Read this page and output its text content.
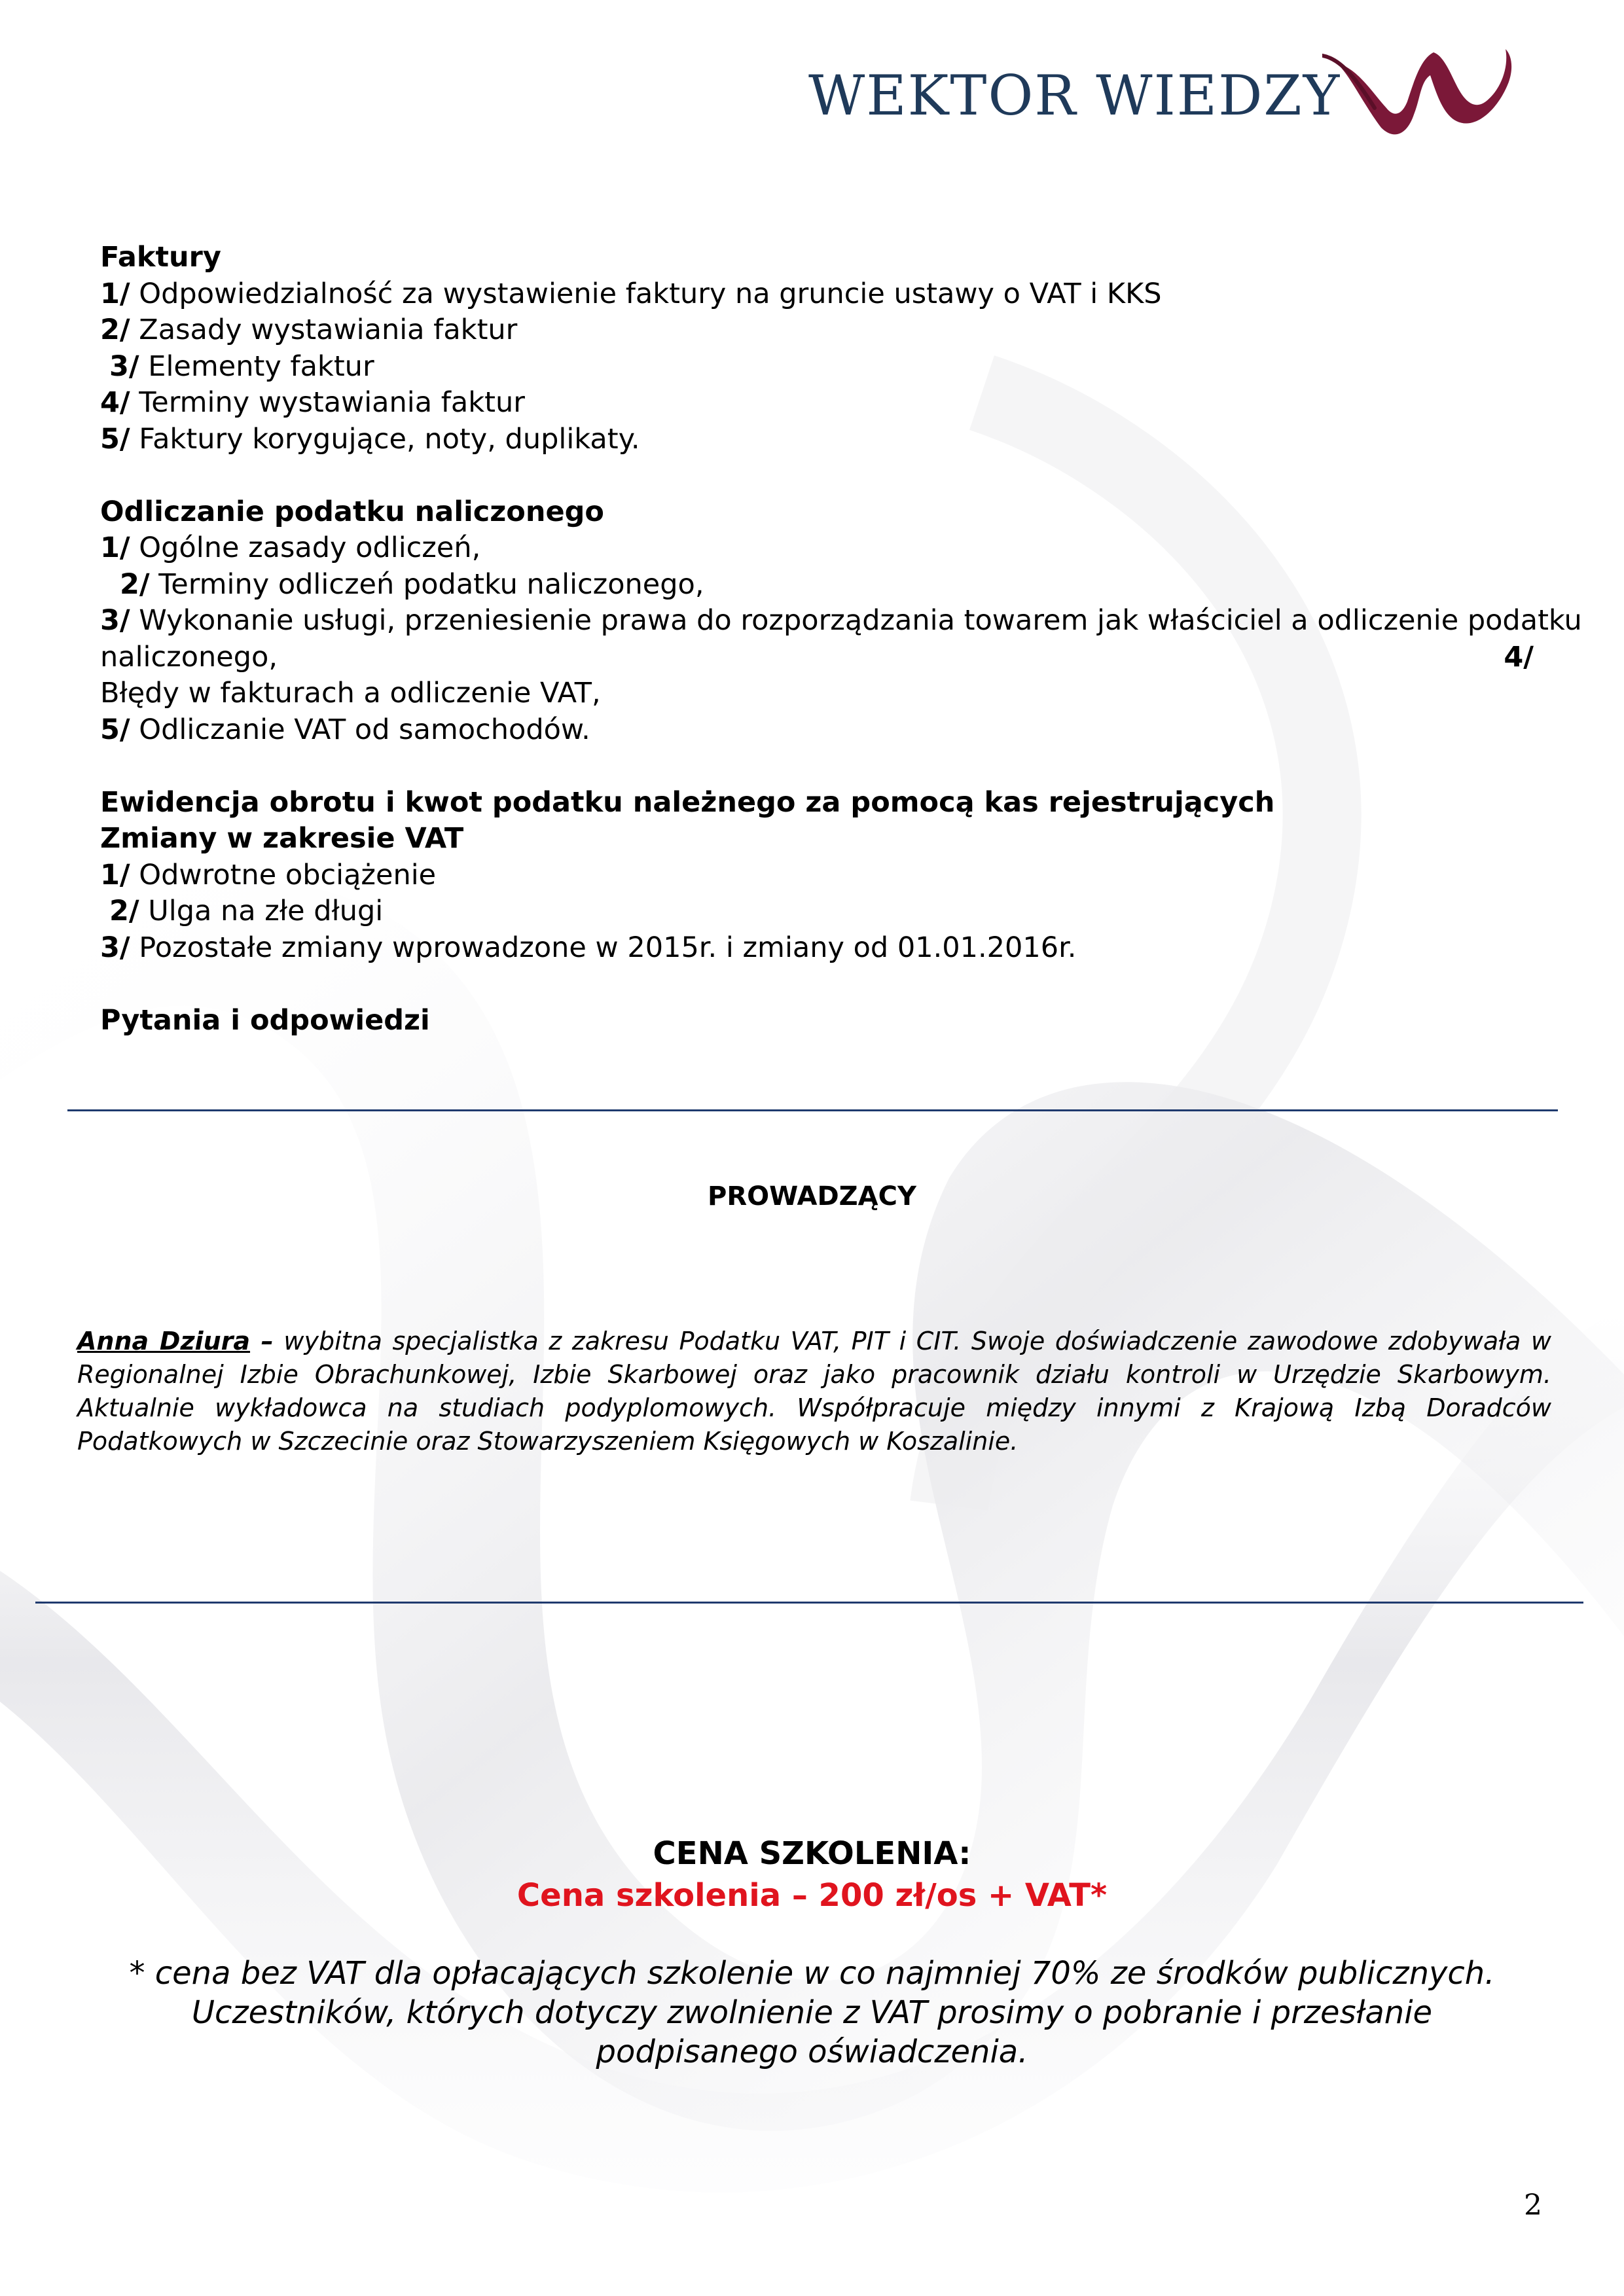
WEKTOR WIEDZY
Faktury
1/ Odpowiedzialność za wystawienie faktury na gruncie ustawy o VAT i KKS
2/ Zasady wystawiania faktur
3/ Elementy faktur
4/ Terminy wystawiania faktur
5/ Faktury korygujące, noty, duplikaty.
Odliczanie podatku naliczonego
1/ Ogólne zasady odliczeń,
2/ Terminy odliczeń podatku naliczonego,
3/ Wykonanie usługi, przeniesienie prawa do rozporządzania towarem jak właściciel a odliczenie podatku
naliczonego,	4/
Błędy w fakturach a odliczenie VAT,
5/ Odliczanie VAT od samochodów.
Ewidencja obrotu i kwot podatku należnego za pomocą kas rejestrujących
Zmiany w zakresie VAT
1/ Odwrotne obciążenie
2/ Ulga na złe długi
3/ Pozostałe zmiany wprowadzone w 2015r. i zmiany od 01.01.2016r.
Pytania i odpowiedzi
PROWADZĄCY
Anna Dziura – wybitna specjalistka z zakresu Podatku VAT, PIT i CIT. Swoje doświadczenie zawodowe zdobywała w Regionalnej Izbie Obrachunkowej, Izbie Skarbowej oraz jako pracownik działu kontroli w Urzędzie Skarbowym. Aktualnie wykładowca na studiach podyplomowych. Współpracuje między innymi z Krajową Izbą Doradców Podatkowych w Szczecinie oraz Stowarzyszeniem Księgowych w Koszalinie.
CENA SZKOLENIA:
Cena szkolenia – 200 zł/os + VAT*
* cena bez VAT dla opłacających szkolenie w co najmniej 70% ze środków publicznych. Uczestników, których dotyczy zwolnienie z VAT prosimy o pobranie i przesłanie podpisanego oświadczenia.
2
